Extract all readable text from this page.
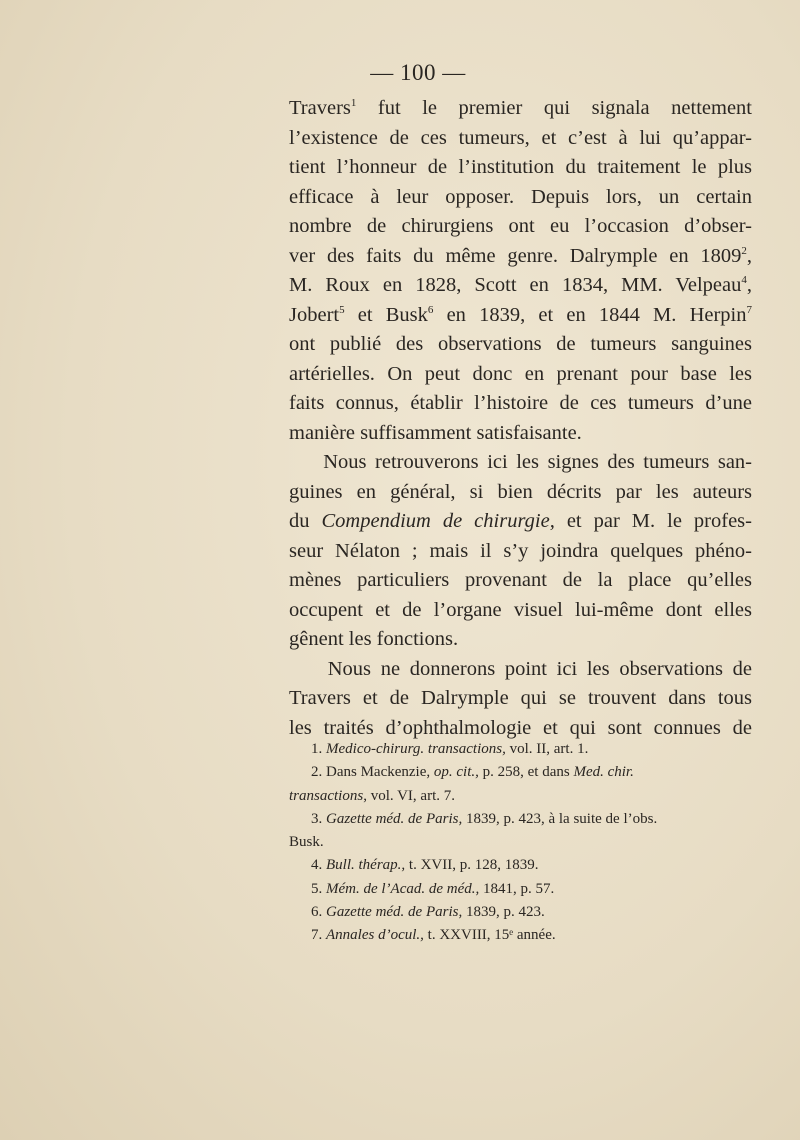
— 100 —
Travers$^1$ fut le premier qui signala nettement
l’existence de ces tumeurs, et c’est à lui qu’appar-
tient l’honneur de l’institution du traitement le plus
efficace à leur opposer. Depuis lors, un certain
nombre de chirurgiens ont eu l’occasion d’obser-
ver des faits du même genre. Dalrymple en 1809$^2$,
M. Roux en 1828, Scott en 1834, MM. Velpeau$^4$,
Jobert$^5$ et Busk$^6$ en 1839, et en 1844 M. Herpin$^7$
ont publié des observations de tumeurs sanguines
artérielles. On peut donc en prenant pour base les
faits connus, établir l’histoire de ces tumeurs d’une
manière suffisamment satisfaisante.
Nous retrouverons ici les signes des tumeurs san-
guines en général, si bien décrits par les auteurs
du Compendium de chirurgie, et par M. le profes-
seur Nélaton ; mais il s’y joindra quelques phéno-
mènes particuliers provenant de la place qu’elles
occupent et de l’organe visuel lui-même dont elles
gênent les fonctions.
Nous ne donnerons point ici les observations de
Travers et de Dalrymple qui se trouvent dans tous
les traités d’ophthalmologie et qui sont connues de
1. Medico-chirurg. transactions, vol. II, art. 1.
2. Dans Mackenzie, op. cit., p. 258, et dans Med. chir.
transactions, vol. VI, art. 7.
3. Gazette méd. de Paris, 1839, p. 423, à la suite de l’obs.
Busk.
4. Bull. thérap., t. XVII, p. 128, 1839.
5. Mém. de l’Acad. de méd., 1841, p. 57.
6. Gazette méd. de Paris, 1839, p. 423.
7. Annales d’ocul., t. XXVIII, 15ᵉ année.
